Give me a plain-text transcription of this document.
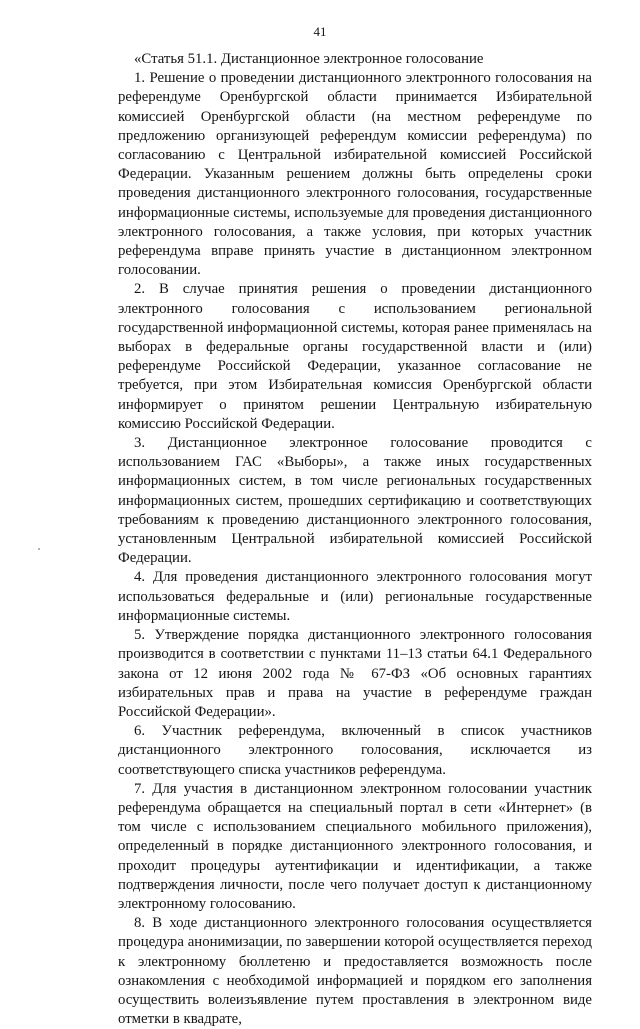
41
«Статья 51.1. Дистанционное электронное голосование

1. Решение о проведении дистанционного электронного голосования на референдуме Оренбургской области принимается Избирательной комиссией Оренбургской области (на местном референдуме по предложению организующей референдум комиссии референдума) по согласованию с Центральной избирательной комиссией Российской Федерации. Указанным решением должны быть определены сроки проведения дистанционного электронного голосования, государственные информационные системы, используемые для проведения дистанционного электронного голосования, а также условия, при которых участник референдума вправе принять участие в дистанционном электронном голосовании.

2. В случае принятия решения о проведении дистанционного электронного голосования с использованием региональной государственной информационной системы, которая ранее применялась на выборах в федеральные органы государственной власти и (или) референдуме Российской Федерации, указанное согласование не требуется, при этом Избирательная комиссия Оренбургской области информирует о принятом решении Центральную избирательную комиссию Российской Федерации.

3. Дистанционное электронное голосование проводится с использованием ГАС «Выборы», а также иных государственных информационных систем, в том числе региональных государственных информационных систем, прошедших сертификацию и соответствующих требованиям к проведению дистанционного электронного голосования, установленным Центральной избирательной комиссией Российской Федерации.

4. Для проведения дистанционного электронного голосования могут использоваться федеральные и (или) региональные государственные информационные системы.

5. Утверждение порядка дистанционного электронного голосования производится в соответствии с пунктами 11–13 статьи 64.1 Федерального закона от 12 июня 2002 года № 67-ФЗ «Об основных гарантиях избирательных прав и права на участие в референдуме граждан Российской Федерации».

6. Участник референдума, включенный в список участников дистанционного электронного голосования, исключается из соответствующего списка участников референдума.

7. Для участия в дистанционном электронном голосовании участник референдума обращается на специальный портал в сети «Интернет» (в том числе с использованием специального мобильного приложения), определенный в порядке дистанционного электронного голосования, и проходит процедуры аутентификации и идентификации, а также подтверждения личности, после чего получает доступ к дистанционному электронному голосованию.

8. В ходе дистанционного электронного голосования осуществляется процедура анонимизации, по завершении которой осуществляется переход к электронному бюллетеню и предоставляется возможность после ознакомления с необходимой информацией и порядком его заполнения осуществить волеизъявление путем проставления в электронном виде отметки в квадрате,
